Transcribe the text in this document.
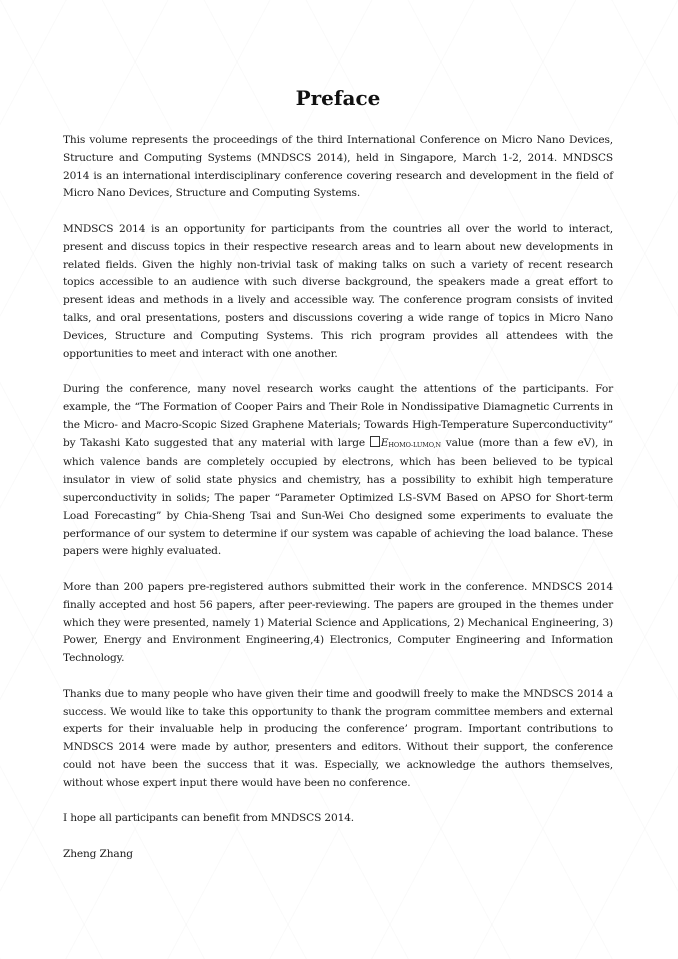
Preface

This volume represents the proceedings of the third International Conference on Micro Nano Devices, Structure and Computing Systems (MNDSCS 2014), held in Singapore, March 1-2, 2014. MNDSCS 2014 is an international interdisciplinary conference covering research and development in the field of Micro Nano Devices, Structure and Computing Systems.

MNDSCS 2014 is an opportunity for participants from the countries all over the world to interact, present and discuss topics in their respective research areas and to learn about new developments in related fields. Given the highly non-trivial task of making talks on such a variety of recent research topics accessible to an audience with such diverse background, the speakers made a great effort to present ideas and methods in a lively and accessible way. The conference program consists of invited talks, and oral presentations, posters and discussions covering a wide range of topics in Micro Nano Devices, Structure and Computing Systems. This rich program provides all attendees with the opportunities to meet and interact with one another.

During the conference, many novel research works caught the attentions of the participants. For example, the “The Formation of Cooper Pairs and Their Role in Nondissipative Diamagnetic Currents in the Micro- and Macro-Scopic Sized Graphene Materials; Towards High-Temperature Superconductivity” by Takashi Kato suggested that any material with large EHOMO-LUMO,N value (more than a few eV), in which valence bands are completely occupied by electrons, which has been believed to be typical insulator in view of solid state physics and chemistry, has a possibility to exhibit high temperature superconductivity in solids; The paper “Parameter Optimized LS-SVM Based on APSO for Short-term Load Forecasting” by Chia-Sheng Tsai and Sun-Wei Cho designed some experiments to evaluate the performance of our system to determine if our system was capable of achieving the load balance. These papers were highly evaluated.

More than 200 papers pre-registered authors submitted their work in the conference. MNDSCS 2014 finally accepted and host 56 papers, after peer-reviewing. The papers are grouped in the themes under which they were presented, namely 1) Material Science and Applications, 2) Mechanical Engineering, 3) Power, Energy and Environment Engineering,4) Electronics, Computer Engineering and Information Technology.

Thanks due to many people who have given their time and goodwill freely to make the MNDSCS 2014 a success. We would like to take this opportunity to thank the program committee members and external experts for their invaluable help in producing the conference’ program. Important contributions to MNDSCS 2014 were made by author, presenters and editors. Without their support, the conference could not have been the success that it was. Especially, we acknowledge the authors themselves, without whose expert input there would have been no conference.

I hope all participants can benefit from MNDSCS 2014.

Zheng Zhang
